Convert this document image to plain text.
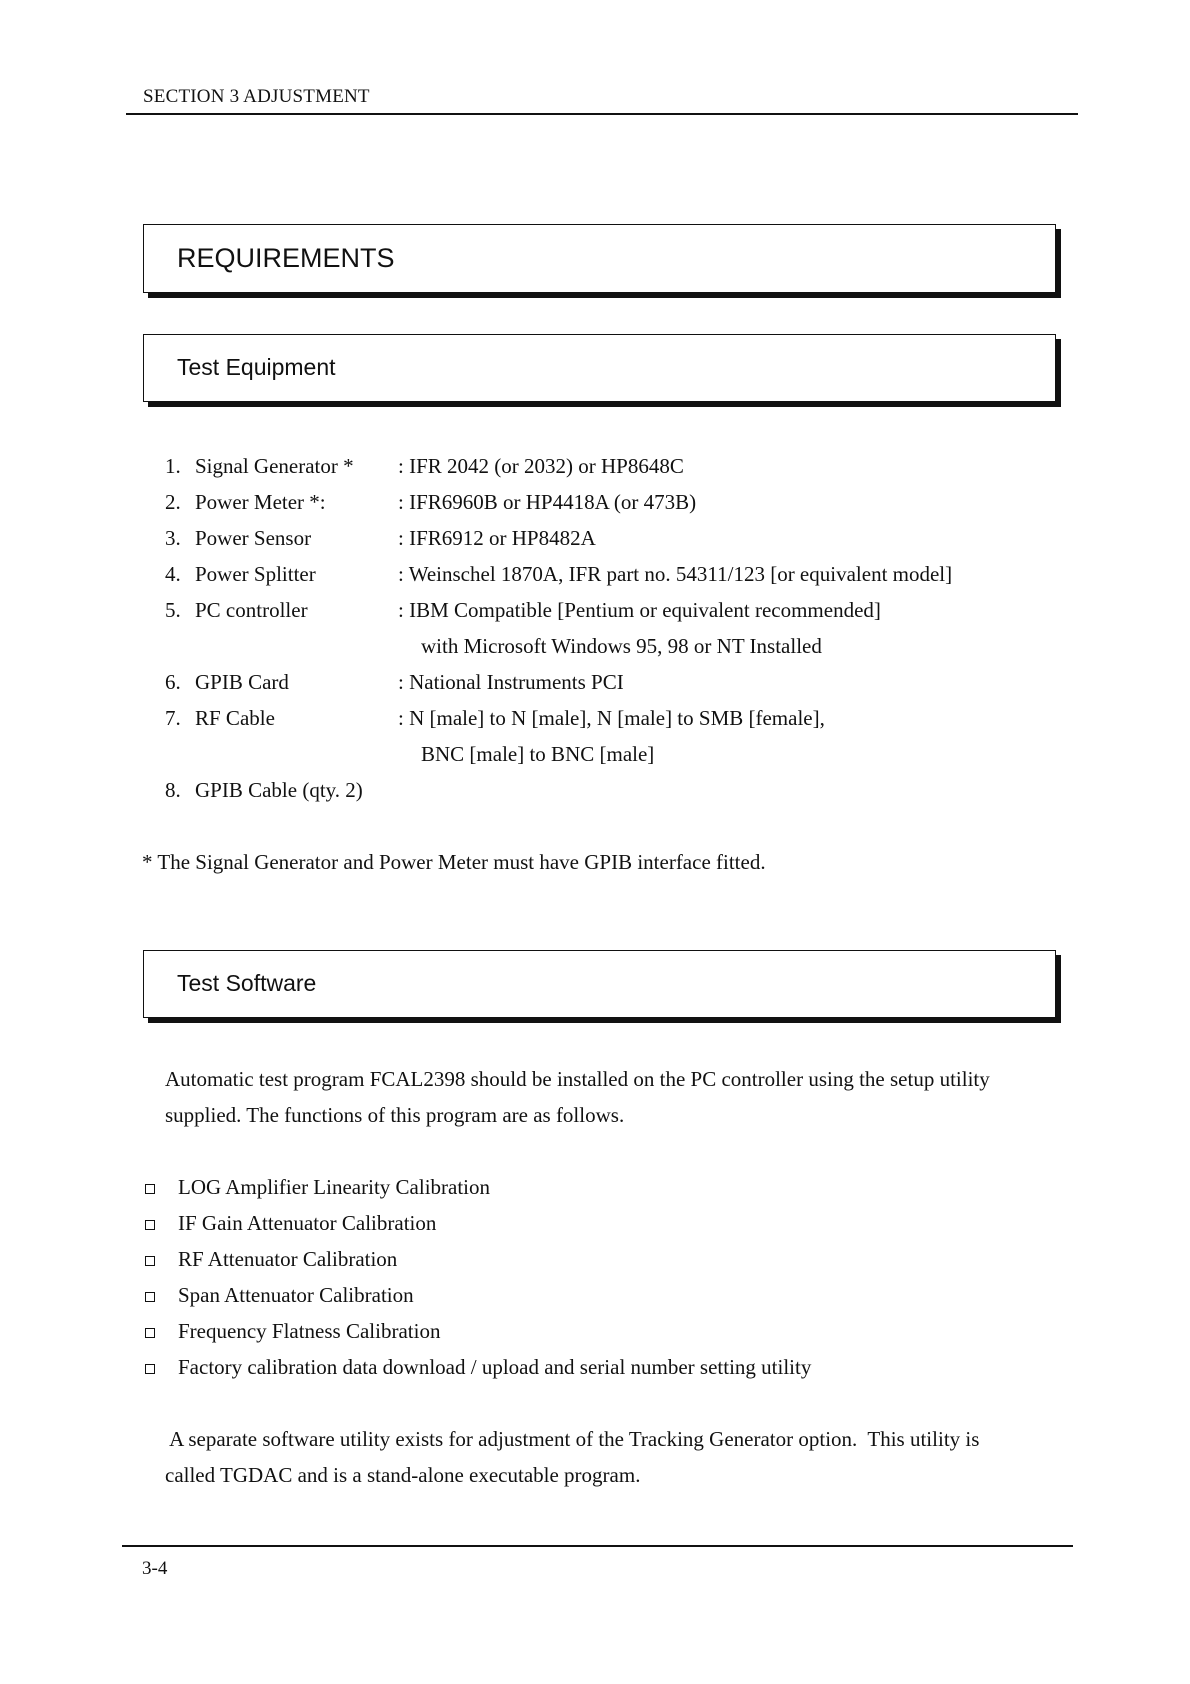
SECTION 3 ADJUSTMENT
REQUIREMENTS
Test Equipment
1. Signal Generator * : IFR 2042 (or 2032) or HP8648C
2. Power Meter *:	: IFR6960B or HP4418A (or 473B)
3. Power Sensor	: IFR6912 or HP8482A
4. Power Splitter	: Weinschel 1870A, IFR part no. 54311/123 [or equivalent model]
5. PC controller	: IBM Compatible [Pentium or equivalent recommended]
with Microsoft Windows 95, 98 or NT Installed
6. GPIB Card	: National Instruments PCI
7. RF Cable	: N [male] to N [male], N [male] to SMB [female],
BNC [male] to BNC [male]
8. GPIB Cable (qty. 2)
* The Signal Generator and Power Meter must have GPIB interface fitted.
Test Software
Automatic test program FCAL2398 should be installed on the PC controller using the setup utility
supplied. The functions of this program are as follows.
LOG Amplifier Linearity Calibration
IF Gain Attenuator Calibration
RF Attenuator Calibration
Span Attenuator Calibration
Frequency Flatness Calibration
Factory calibration data download / upload and serial number setting utility
A separate software utility exists for adjustment of the Tracking Generator option.  This utility is
called TGDAC and is a stand-alone executable program.
3-4
